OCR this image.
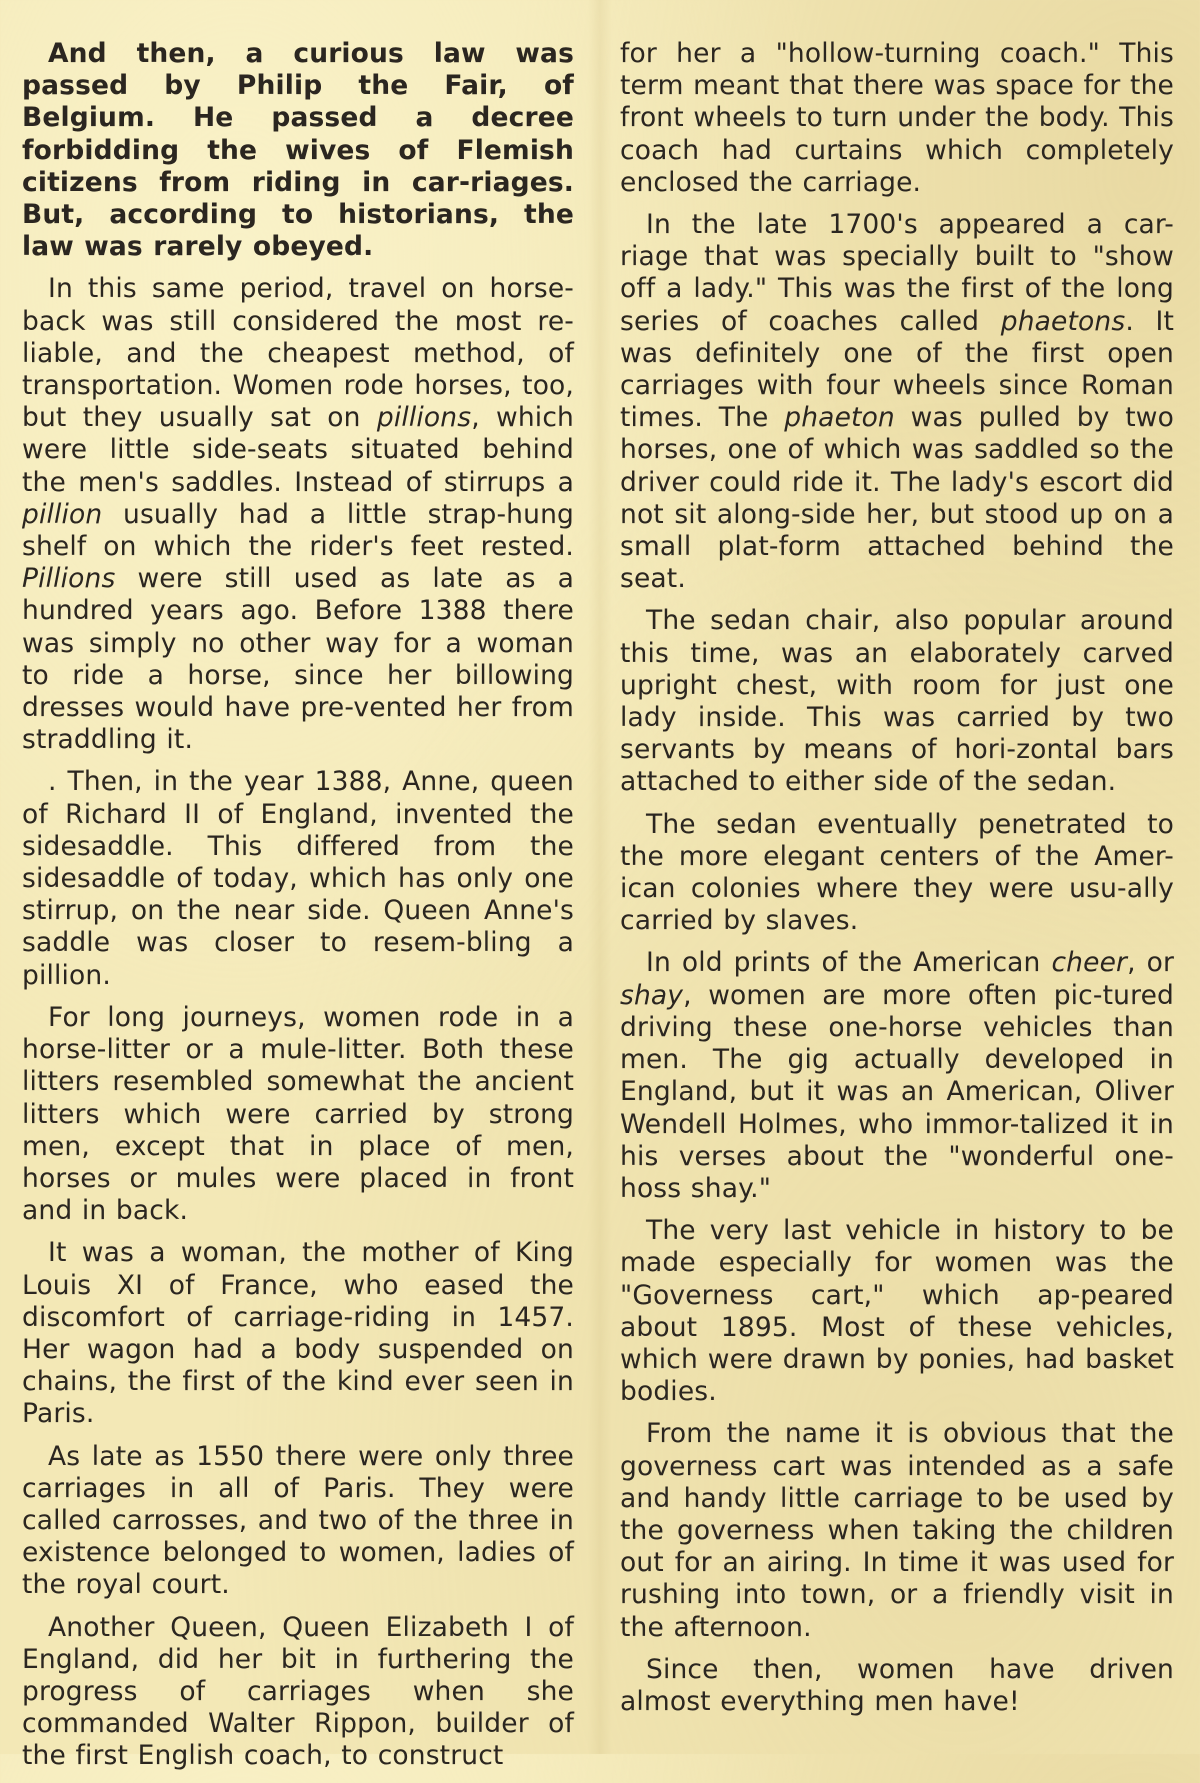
And then, a curious law was passed by Philip the Fair, of Belgium. He passed a decree forbidding the wives of Flemish citizens from riding in car-riages. But, according to historians, the law was rarely obeyed.

In this same period, travel on horse-back was still considered the most re-liable, and the cheapest method, of transportation. Women rode horses, too, but they usually sat on pillions, which were little side-seats situated behind the men's saddles. Instead of stirrups a pillion usually had a little strap-hung shelf on which the rider's feet rested. Pillions were still used as late as a hundred years ago. Before 1388 there was simply no other way for a woman to ride a horse, since her billowing dresses would have pre-vented her from straddling it.

. Then, in the year 1388, Anne, queen of Richard II of England, invented the sidesaddle. This differed from the sidesaddle of today, which has only one stirrup, on the near side. Queen Anne's saddle was closer to resem-bling a pillion.

For long journeys, women rode in a horse-litter or a mule-litter. Both these litters resembled somewhat the ancient litters which were carried by strong men, except that in place of men, horses or mules were placed in front and in back.

It was a woman, the mother of King Louis XI of France, who eased the discomfort of carriage-riding in 1457. Her wagon had a body suspended on chains, the first of the kind ever seen in Paris.

As late as 1550 there were only three carriages in all of Paris. They were called carrosses, and two of the three in existence belonged to women, ladies of the royal court.

Another Queen, Queen Elizabeth I of England, did her bit in furthering the progress of carriages when she commanded Walter Rippon, builder of the first English coach, to construct

for her a "hollow-turning coach." This term meant that there was space for the front wheels to turn under the body. This coach had curtains which completely enclosed the carriage.

In the late 1700's appeared a car-riage that was specially built to "show off a lady." This was the first of the long series of coaches called phaetons. It was definitely one of the first open carriages with four wheels since Roman times. The phaeton was pulled by two horses, one of which was saddled so the driver could ride it. The lady's escort did not sit along-side her, but stood up on a small plat-form attached behind the seat.

The sedan chair, also popular around this time, was an elaborately carved upright chest, with room for just one lady inside. This was carried by two servants by means of hori-zontal bars attached to either side of the sedan.

The sedan eventually penetrated to the more elegant centers of the Amer-ican colonies where they were usu-ally carried by slaves.

In old prints of the American cheer, or shay, women are more often pic-tured driving these one-horse vehicles than men. The gig actually developed in England, but it was an American, Oliver Wendell Holmes, who immor-talized it in his verses about the "wonderful one-hoss shay."

The very last vehicle in history to be made especially for women was the "Governess cart," which ap-peared about 1895. Most of these vehicles, which were drawn by ponies, had basket bodies.

From the name it is obvious that the governess cart was intended as a safe and handy little carriage to be used by the governess when taking the children out for an airing. In time it was used for rushing into town, or a friendly visit in the afternoon.

Since then, women have driven almost everything men have!
